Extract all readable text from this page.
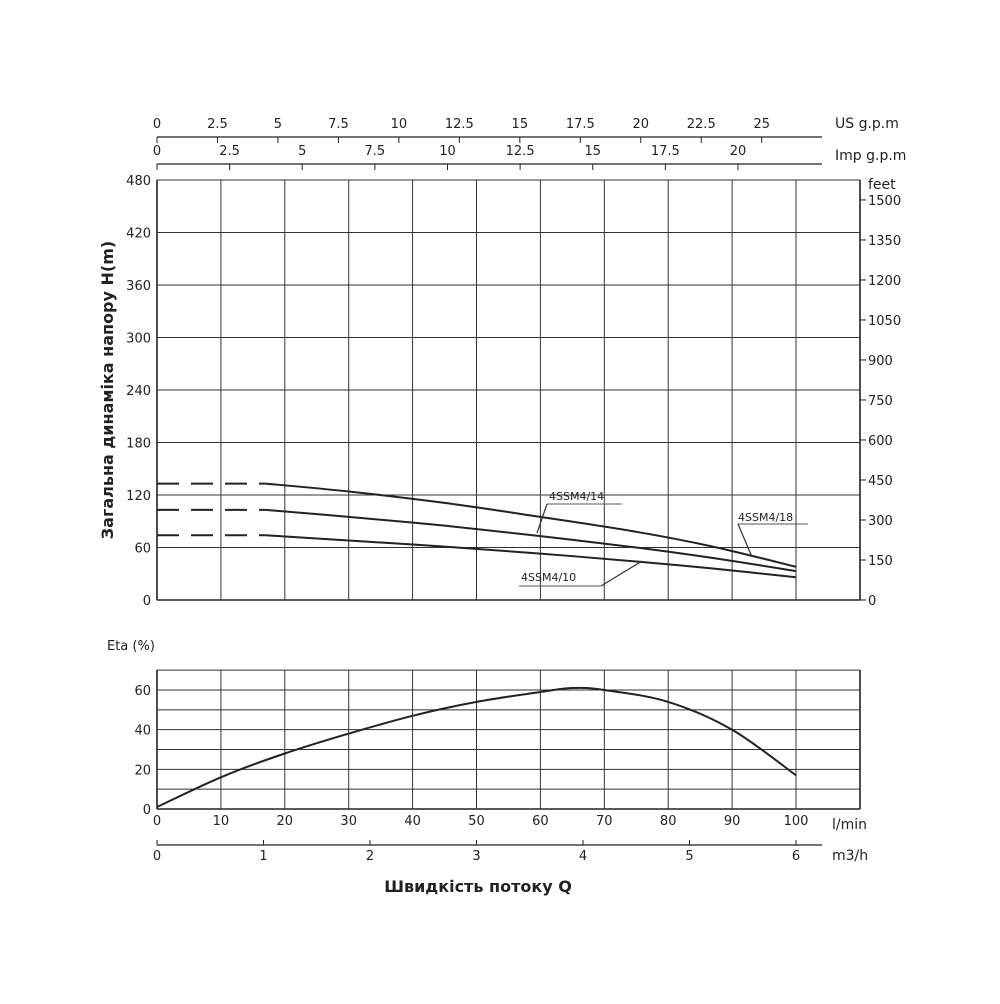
0
60
120
180
240
300
360
420
480
0
150
300
450
600
750
900
1050
1200
1350
1500
feet
0	2.5	5	7.5	10	12.5	15	17.5	20	22.5	25	US g.p.m
0	2.5	5	7.5	10	12.5	15	17.5	20	Imp g.p.m
Загальна динаміка напору H(m)	4SSM4/18
4SSM4/14
4SSM4/10
0
20
40
60
Eta (%)
0	10	20	30	40	50	60	70	80	90	100 l/min
0	1	2	3	4	5	6 m3/h
Швидкість потоку Q
